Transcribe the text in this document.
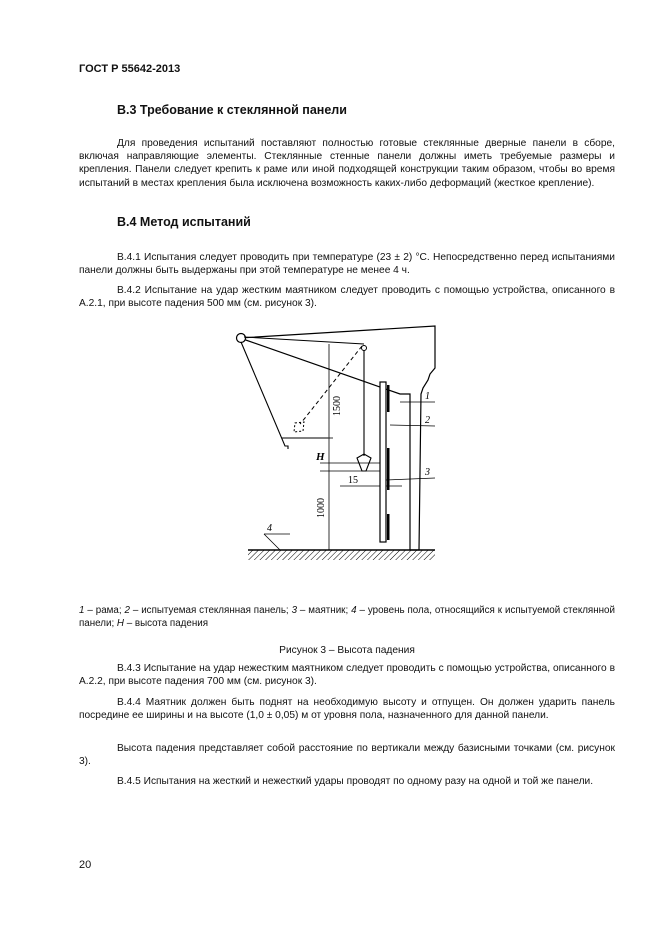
ГОСТ Р 55642-2013
В.3 Требование к стеклянной панели
Для проведения испытаний поставляют полностью готовые стеклянные дверные панели в сборе, включая направляющие элементы. Стеклянные стенные панели должны иметь требуемые размеры и крепления. Панели следует крепить к раме или иной подходящей конструкции таким образом, чтобы во время испытаний в местах крепления была исключена возможность каких-либо деформаций (жесткое крепление).
В.4 Метод испытаний
В.4.1 Испытания следует проводить при температуре (23 ± 2) °С. Непосредственно перед испытаниями панели должны быть выдержаны при этой температуре не менее 4 ч.
В.4.2 Испытание на удар жестким маятником следует проводить с помощью устройства, описанного в А.2.1, при высоте падения 500 мм (см. рисунок 3).
1500
1000
H
15
1
2
3
4
1 – рама; 2 – испытуемая стеклянная панель; 3 – маятник; 4 – уровень пола, относящийся к испытуемой стеклянной панели; H – высота падения
Рисунок 3 – Высота падения
В.4.3 Испытание на удар нежестким маятником следует проводить с помощью устройства, описанного в А.2.2, при высоте падения 700 мм (см. рисунок 3).
В.4.4 Маятник должен быть поднят на необходимую высоту и отпущен. Он должен ударить панель посредине ее ширины и на высоте (1,0 ± 0,05) м от уровня пола, назначенного для данной панели.
Высота падения представляет собой расстояние по вертикали между базисными точками (см. рисунок 3).
В.4.5 Испытания на жесткий и нежесткий удары проводят по одному разу на одной и той же панели.
20
